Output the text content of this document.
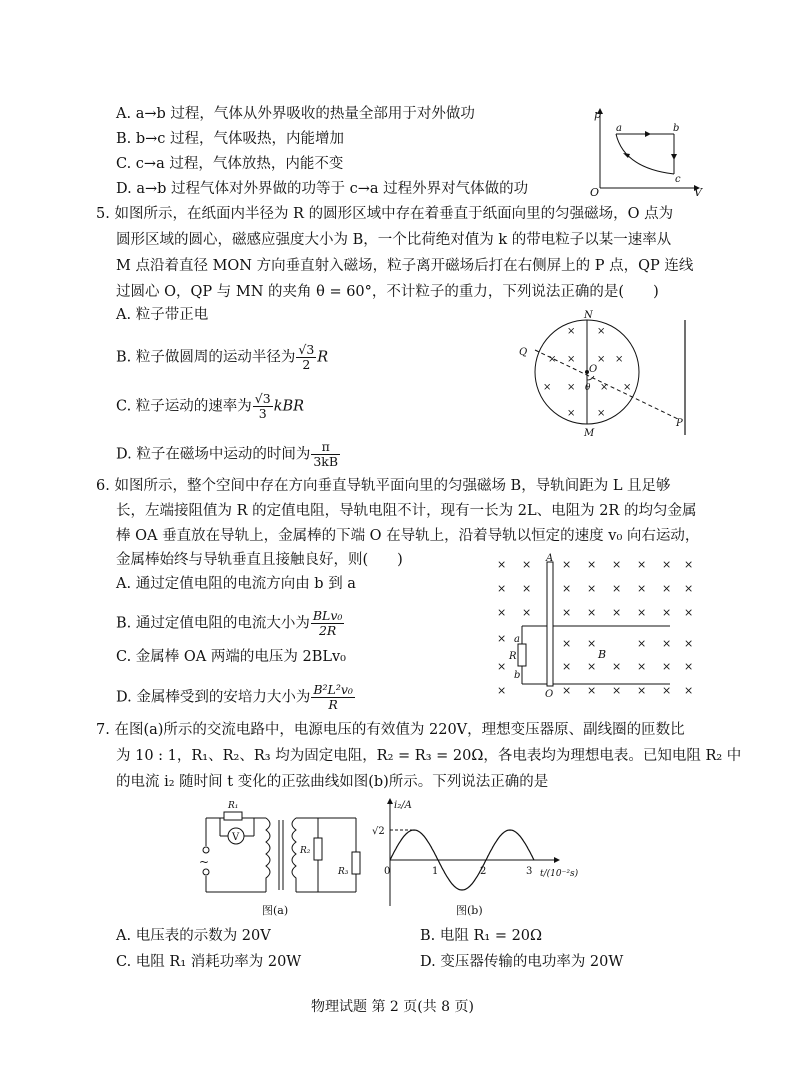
A. a→b 过程，气体从外界吸收的热量全部用于对外做功
B. b→c 过程，气体吸热，内能增加
C. c→a 过程，气体放热，内能不变
D. a→b 过程气体对外界做的功等于 c→a 过程外界对气体做的功
p
V
O
a	b
c
5. 如图所示，在纸面内半径为 R 的圆形区域中存在着垂直于纸面向里的匀强磁场，O 点为
圆形区域的圆心，磁感应强度大小为 B，一个比荷绝对值为 k 的带电粒子以某一速率从
M 点沿着直径 MON 方向垂直射入磁场，粒子离开磁场后打在右侧屏上的 P 点，QP 连线
过圆心 O，QP 与 MN 的夹角 θ = 60°，不计粒子的重力，下列说法正确的是(　　)
A. 粒子带正电
B. 粒子做圆周的运动半径为 $\frac{√3}{2}$ R
C. 粒子运动的速率为 $\frac{√3}{3}$ kBR
D. 粒子在磁场中运动的时间为 $\frac{\pi}{3kB}$
N
Q
O
θ
M
P
× ×
× × × ×
× × × ×
× ×
6. 如图所示，整个空间中存在方向垂直导轨平面向里的匀强磁场 B，导轨间距为 L 且足够
长，左端接阻值为 R 的定值电阻，导轨电阻不计，现有一长为 2L、电阻为 2R 的均匀金属
棒 OA 垂直放在导轨上，金属棒的下端 O 在导轨上，沿着导轨以恒定的速度 v₀ 向右运动，
金属棒始终与导轨垂直且接触良好，则(　　)
A. 通过定值电阻的电流方向由 b 到 a
B. 通过定值电阻的电流大小为 $\frac{\text{BLv₀}}{2R}$
C. 金属棒 OA 两端的电压为 2BLv₀
D. 金属棒受到的安培力大小为 $\frac{\text{B²L²v₀}}{R}$
× ×	× × × × × ×
× ×	× × × × × ×
× ×	× × × × × ×
×	× ×	× × ×
×	× × × × × ×
×	× × × × × ×
A
a
R
b
O
B
7. 在图(a)所示的交流电路中，电源电压的有效值为 220V，理想变压器原、副线圈的匝数比
为 10 : 1，R₁、R₂、R₃ 均为固定电阻，R₂ = R₃ = 20Ω，各电表均为理想电表。已知电阻 R₂ 中
的电流 i₂ 随时间 t 变化的正弦曲线如图(b)所示。下列说法正确的是
~
R₁
V
R₂
R₃
图(a)
i₂/A
√2
0	1	2	3 t/(10⁻²s)
图(b)
A. 电压表的示数为 20V	B. 电阻 R₁ = 20Ω
C. 电阻 R₁ 消耗功率为 20W	D. 变压器传输的电功率为 20W
物理试题 第 2 页(共 8 页)
